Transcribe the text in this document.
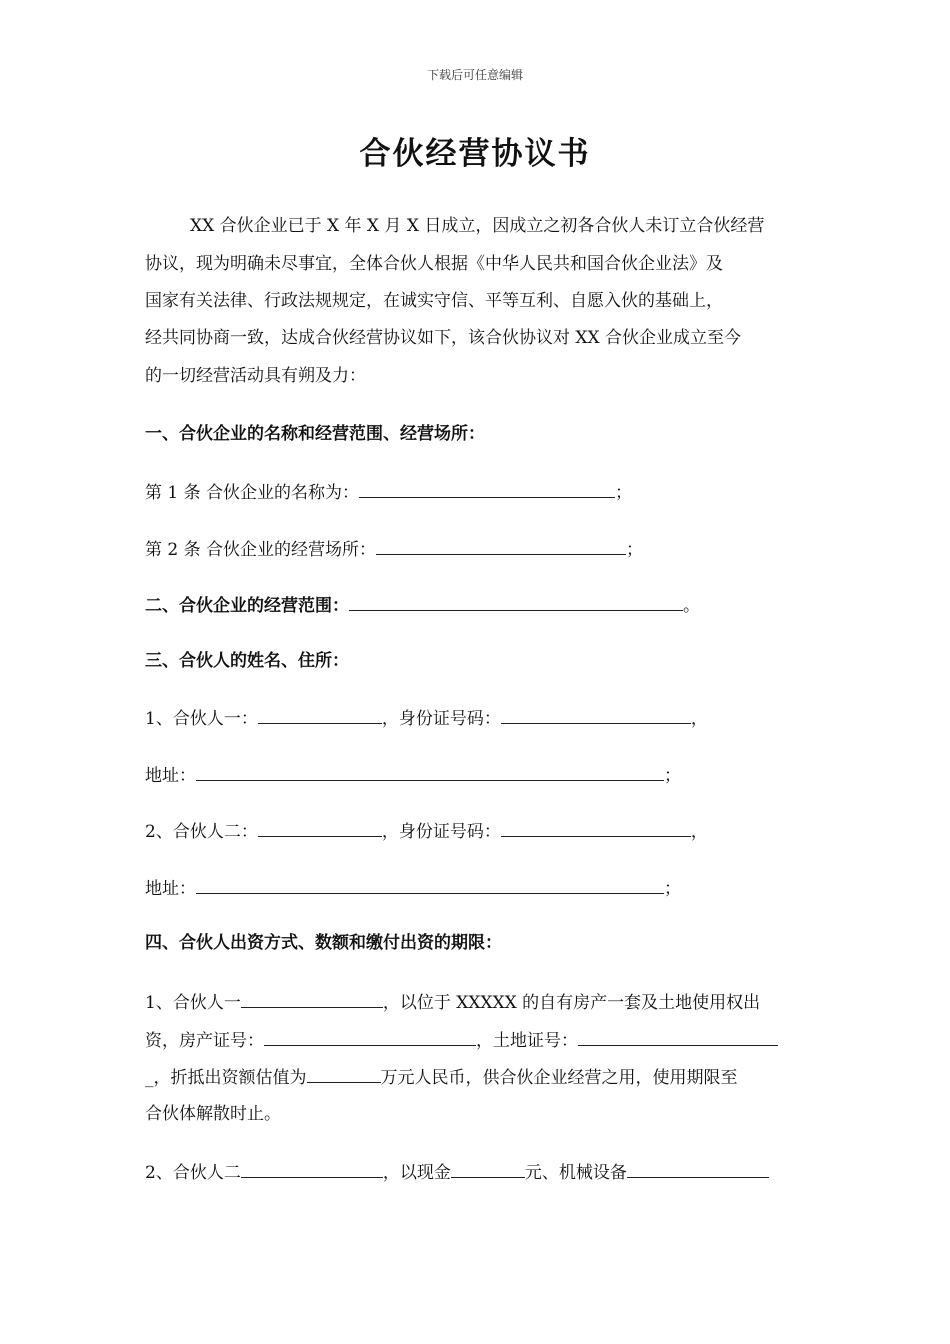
下载后可任意编辑
合伙经营协议书
XX 合伙企业已于 X 年 X 月 X 日成立，因成立之初各合伙人未订立合伙经营
协议，现为明确未尽事宜，全体合伙人根据《中华人民共和国合伙企业法》及
国家有关法律、行政法规规定，在诚实守信、平等互利、自愿入伙的基础上，
经共同协商一致，达成合伙经营协议如下，该合伙协议对 XX 合伙企业成立至今
的一切经营活动具有朔及力：
一、合伙企业的名称和经营范围、经营场所：
第 1 条 合伙企业的名称为：	；
第 2 条 合伙企业的经营场所：	；
二、合伙企业的经营范围：	。
三、合伙人的姓名、住所：
1、合伙人一：	，身份证号码：	，
地址：	；
2、合伙人二：	，身份证号码：	，
地址：	；
四、合伙人出资方式、数额和缴付出资的期限：
1、合伙人一	，以位于 XXXXX 的自有房产一套及土地使用权出
资，房产证号：	，土地证号：
_，折抵出资额估值为	万元人民币，供合伙企业经营之用，使用期限至
合伙体解散时止。
2、合伙人二	，以现金	元、机械设备
